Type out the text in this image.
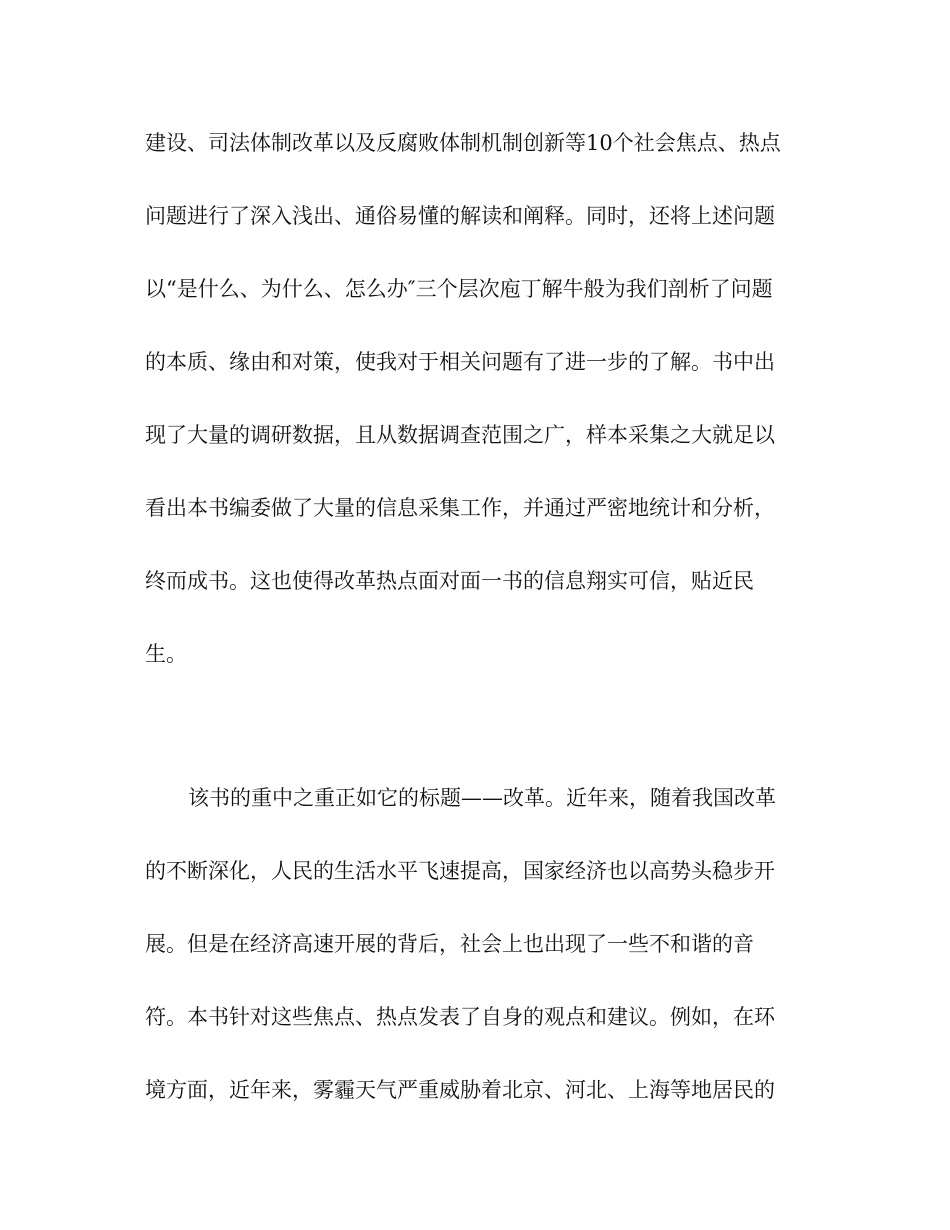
建设、司法体制改革以及反腐败体制机制创新等10个社会焦点、热点
问题进行了深入浅出、通俗易懂的解读和阐释。同时，还将上述问题
以“是什么、为什么、怎么办″三个层次庖丁解牛般为我们剖析了问题
的本质、缘由和对策，使我对于相关问题有了进一步的了解。书中出
现了大量的调研数据，且从数据调查范围之广，样本采集之大就足以
看出本书编委做了大量的信息采集工作，并通过严密地统计和分析，
终而成书。这也使得改革热点面对面一书的信息翔实可信，贴近民
生。
该书的重中之重正如它的标题——改革。近年来，随着我国改革
的不断深化，人民的生活水平飞速提高，国家经济也以高势头稳步开
展。但是在经济高速开展的背后，社会上也出现了一些不和谐的音
符。本书针对这些焦点、热点发表了自身的观点和建议。例如，在环
境方面，近年来，雾霾天气严重威胁着北京、河北、上海等地居民的
